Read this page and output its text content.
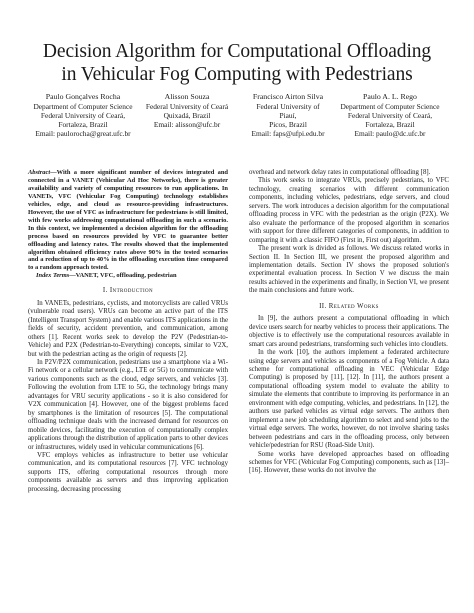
Decision Algorithm for Computational Offloading
in Vehicular Fog Computing with Pedestrians
Paulo Gonçalves Rocha
Department of Computer Science
Federal University of Ceará,
Fortaleza, Brazil
Email: paulorocha@great.ufc.br
Alisson Souza
Federal University of Ceará
Quixadá, Brazil
Email: alisson@ufc.br
Francisco Airton Silva
Federal University of
Piauí,
Picos, Brazil
Email: faps@ufpi.edu.br
Paulo A. L. Rego
Department of Computer Science
Federal University of Ceará,
Fortaleza, Brazil
Email: paulo@dc.ufc.br
Abstract—With a more significant number of devices integrated and connected in a VANET (Vehicular Ad Hoc Networks), there is greater availability and variety of computing resources to run applications. In VANETs, VFC (Vehicular Fog Computing) technology establishes vehicles, edge, and cloud as resource-providing infrastructures. However, the use of VFC as infrastructure for pedestrians is still limited, with few works addressing computational offloading in such a scenario. In this context, we implemented a decision algorithm for the offloading process based on resources provided by VFC to guarantee better offloading and latency rates. The results showed that the implemented algorithm obtained efficiency rates above 90% in the tested scenarios and a reduction of up to 40% in the offloading execution time compared to a random approach tested.
Index Terms—VANET, VFC, offloading, pedestrian
I. Introduction

In VANETs, pedestrians, cyclists, and motorcyclists are called VRUs (vulnerable road users). VRUs can become an active part of the ITS (Intelligent Transport System) and enable various ITS applications in the fields of security, accident prevention, and communication, among others [1]. Recent works seek to develop the P2V (Pedestrian-to-Vehicle) and P2X (Pedestrian-to-Everything) concepts, similar to V2X, but with the pedestrian acting as the origin of requests [2].

In P2V/P2X communication, pedestrians use a smartphone via a Wi-Fi network or a cellular network (e.g., LTE or 5G) to communicate with various components such as the cloud, edge servers, and vehicles [3]. Following the evolution from LTE to 5G, the technology brings many advantages for VRU security applications - so it is also considered for V2X communication [4]. However, one of the biggest problems faced by smartphones is the limitation of resources [5]. The computational offloading technique deals with the increased demand for resources on mobile devices, facilitating the execution of computationally complex applications through the distribution of application parts to other devices or infrastructures, widely used in vehicular communications [6].

VFC employs vehicles as infrastructure to better use vehicular communication, and its computational resources [7]. VFC technology supports ITS, offering computational resources through more components available as servers and thus improving application processing, decreasing processing

overhead and network delay rates in computational offloading [8].

This work seeks to integrate VRUs, precisely pedestrians, to VFC technology, creating scenarios with different communication components, including vehicles, pedestrians, edge servers, and cloud servers. The work introduces a decision algorithm for the computational offloading process in VFC with the pedestrian as the origin (P2X). We also evaluate the performance of the proposed algorithm in scenarios with support for three different categories of components, in addition to comparing it with a classic FIFO (First in, First out) algorithm.

The present work is divided as follows. We discuss related works in Section II. In Section III, we present the proposed algorithm and implementation details. Section IV shows the proposed solution's experimental evaluation process. In Section V we discuss the main results achieved in the experiments and finally, in Section VI, we present the main conclusions and future work.

II. Related Works

In [9], the authors present a computational offloading in which device users search for nearby vehicles to process their applications. The objective is to effectively use the computational resources available in smart cars around pedestrians, transforming such vehicles into cloudlets.

In the work [10], the authors implement a federated architecture using edge servers and vehicles as components of a Fog Vehicle. A data scheme for computational offloading in VEC (Vehicular Edge Computing) is proposed by [11], [12]. In [11], the authors present a computational offloading system model to evaluate the ability to simulate the elements that contribute to improving its performance in an environment with edge computing, vehicles, and pedestrians. In [12], the authors use parked vehicles as virtual edge servers. The authors then implement a new job scheduling algorithm to select and send jobs to the virtual edge servers. The works, however, do not involve sharing tasks between pedestrians and cars in the offloading process, only between vehicle/pedestrian for RSU (Road-Side Unit).

Some works have developed approaches based on offloading schemes for VFC (Vehicular Fog Computing) components, such as [13]–[16]. However, these works do not involve the
